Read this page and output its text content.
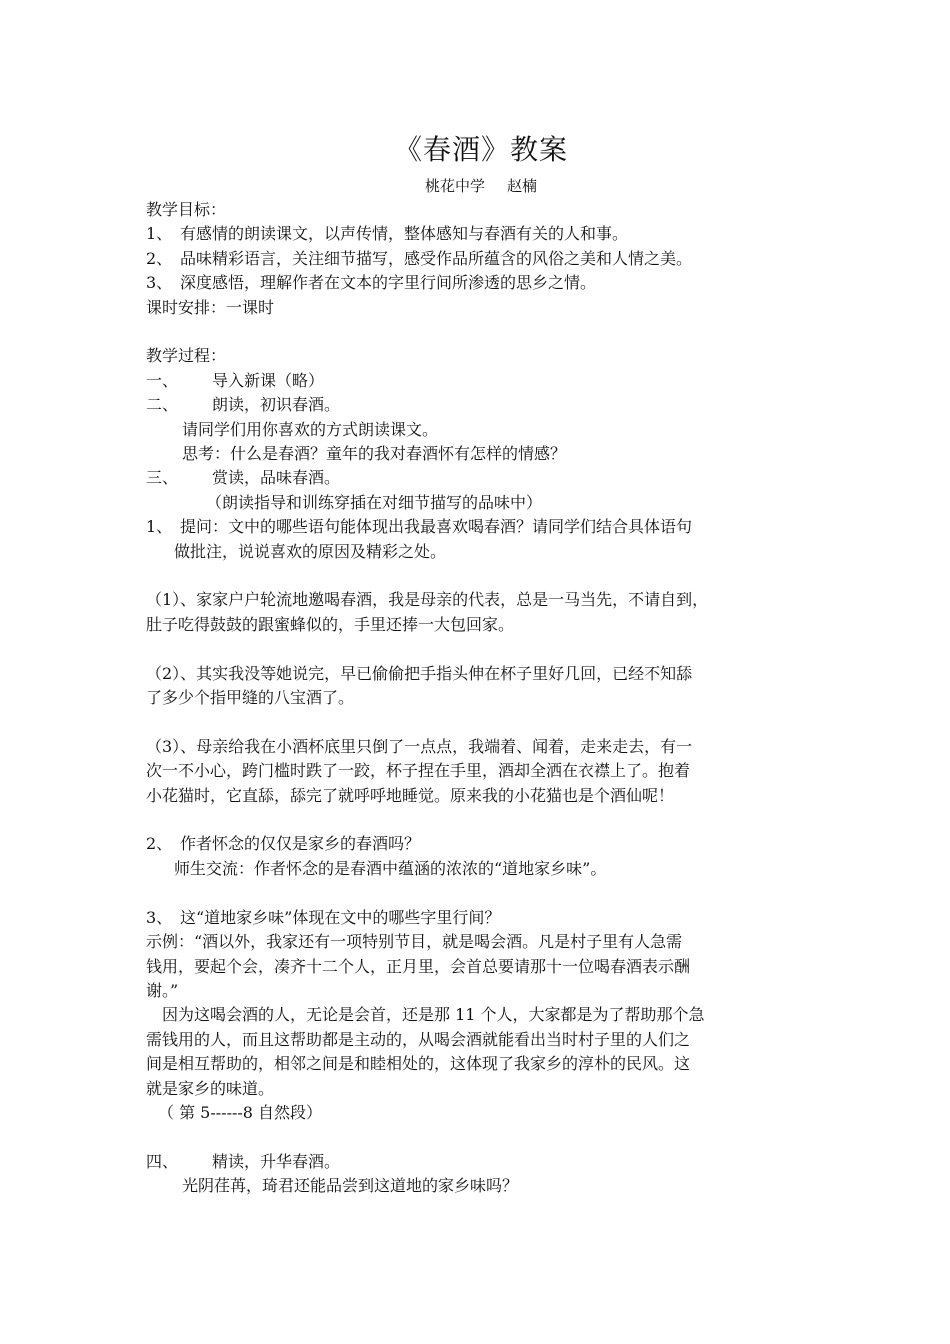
《春酒》教案
桃花中学 赵楠
教学目标：
1、 有感情的朗读课文，以声传情，整体感知与春酒有关的人和事。
2、 品味精彩语言，关注细节描写，感受作品所蕴含的风俗之美和人情之美。
3、 深度感悟，理解作者在文本的字里行间所渗透的思乡之情。
课时安排：一课时
教学过程：
一、 导入新课（略）
二、 朗读，初识春酒。
请同学们用你喜欢的方式朗读课文。
思考：什么是春酒？童年的我对春酒怀有怎样的情感？
三、 赏读，品味春酒。
（朗读指导和训练穿插在对细节描写的品味中）
1、 提问：文中的哪些语句能体现出我最喜欢喝春酒？请同学们结合具体语句
做批注，说说喜欢的原因及精彩之处。
（1）、家家户户轮流地邀喝春酒，我是母亲的代表，总是一马当先，不请自到，
肚子吃得鼓鼓的跟蜜蜂似的，手里还捧一大包回家。
（2）、其实我没等她说完，早已偷偷把手指头伸在杯子里好几回，已经不知舔
了多少个指甲缝的八宝酒了。
（3）、母亲给我在小酒杯底里只倒了一点点，我端着、闻着，走来走去，有一
次一不小心，跨门槛时跌了一跤，杯子捏在手里，酒却全洒在衣襟上了。抱着
小花猫时，它直舔，舔完了就呼呼地睡觉。原来我的小花猫也是个酒仙呢！
2、 作者怀念的仅仅是家乡的春酒吗？
师生交流：作者怀念的是春酒中蕴涵的浓浓的“道地家乡味”。
3、 这“道地家乡味”体现在文中的哪些字里行间？
示例：“酒以外，我家还有一项特别节目，就是喝会酒。凡是村子里有人急需
钱用，要起个会，凑齐十二个人，正月里，会首总要请那十一位喝春酒表示酬
谢。”
因为这喝会酒的人，无论是会首，还是那 11 个人，大家都是为了帮助那个急
需钱用的人，而且这帮助都是主动的，从喝会酒就能看出当时村子里的人们之
间是相互帮助的，相邻之间是和睦相处的，这体现了我家乡的淳朴的民风。这
就是家乡的味道。
（ 第 5------8 自然段）
四、 精读，升华春酒。
光阴荏苒，琦君还能品尝到这道地的家乡味吗？
